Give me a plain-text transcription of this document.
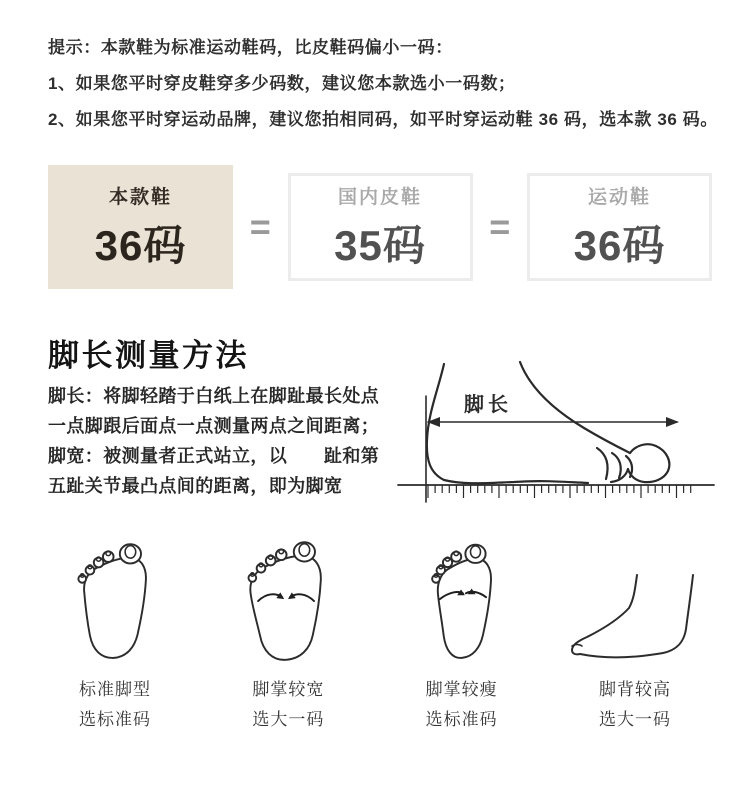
提示：本款鞋为标准运动鞋码，比皮鞋码偏小一码：
1、如果您平时穿皮鞋穿多少码数，建议您本款选小一码数；
2、如果您平时穿运动品牌，建议您拍相同码，如平时穿运动鞋 36 码，选本款 36 码。
本款鞋
36码	=
国内皮鞋
35码	=
运动鞋
36码
脚长测量方法
脚长：将脚轻踏于白纸上在脚趾最长处点
一点脚跟后面点一点测量两点之间距离；
脚宽：被测量者正式站立，以　　趾和第
五趾关节最凸点间的距离，即为脚宽
脚长
标准脚型
选标准码
脚掌较宽
选大一码
脚掌较瘦
选标准码
脚背较高
选大一码
